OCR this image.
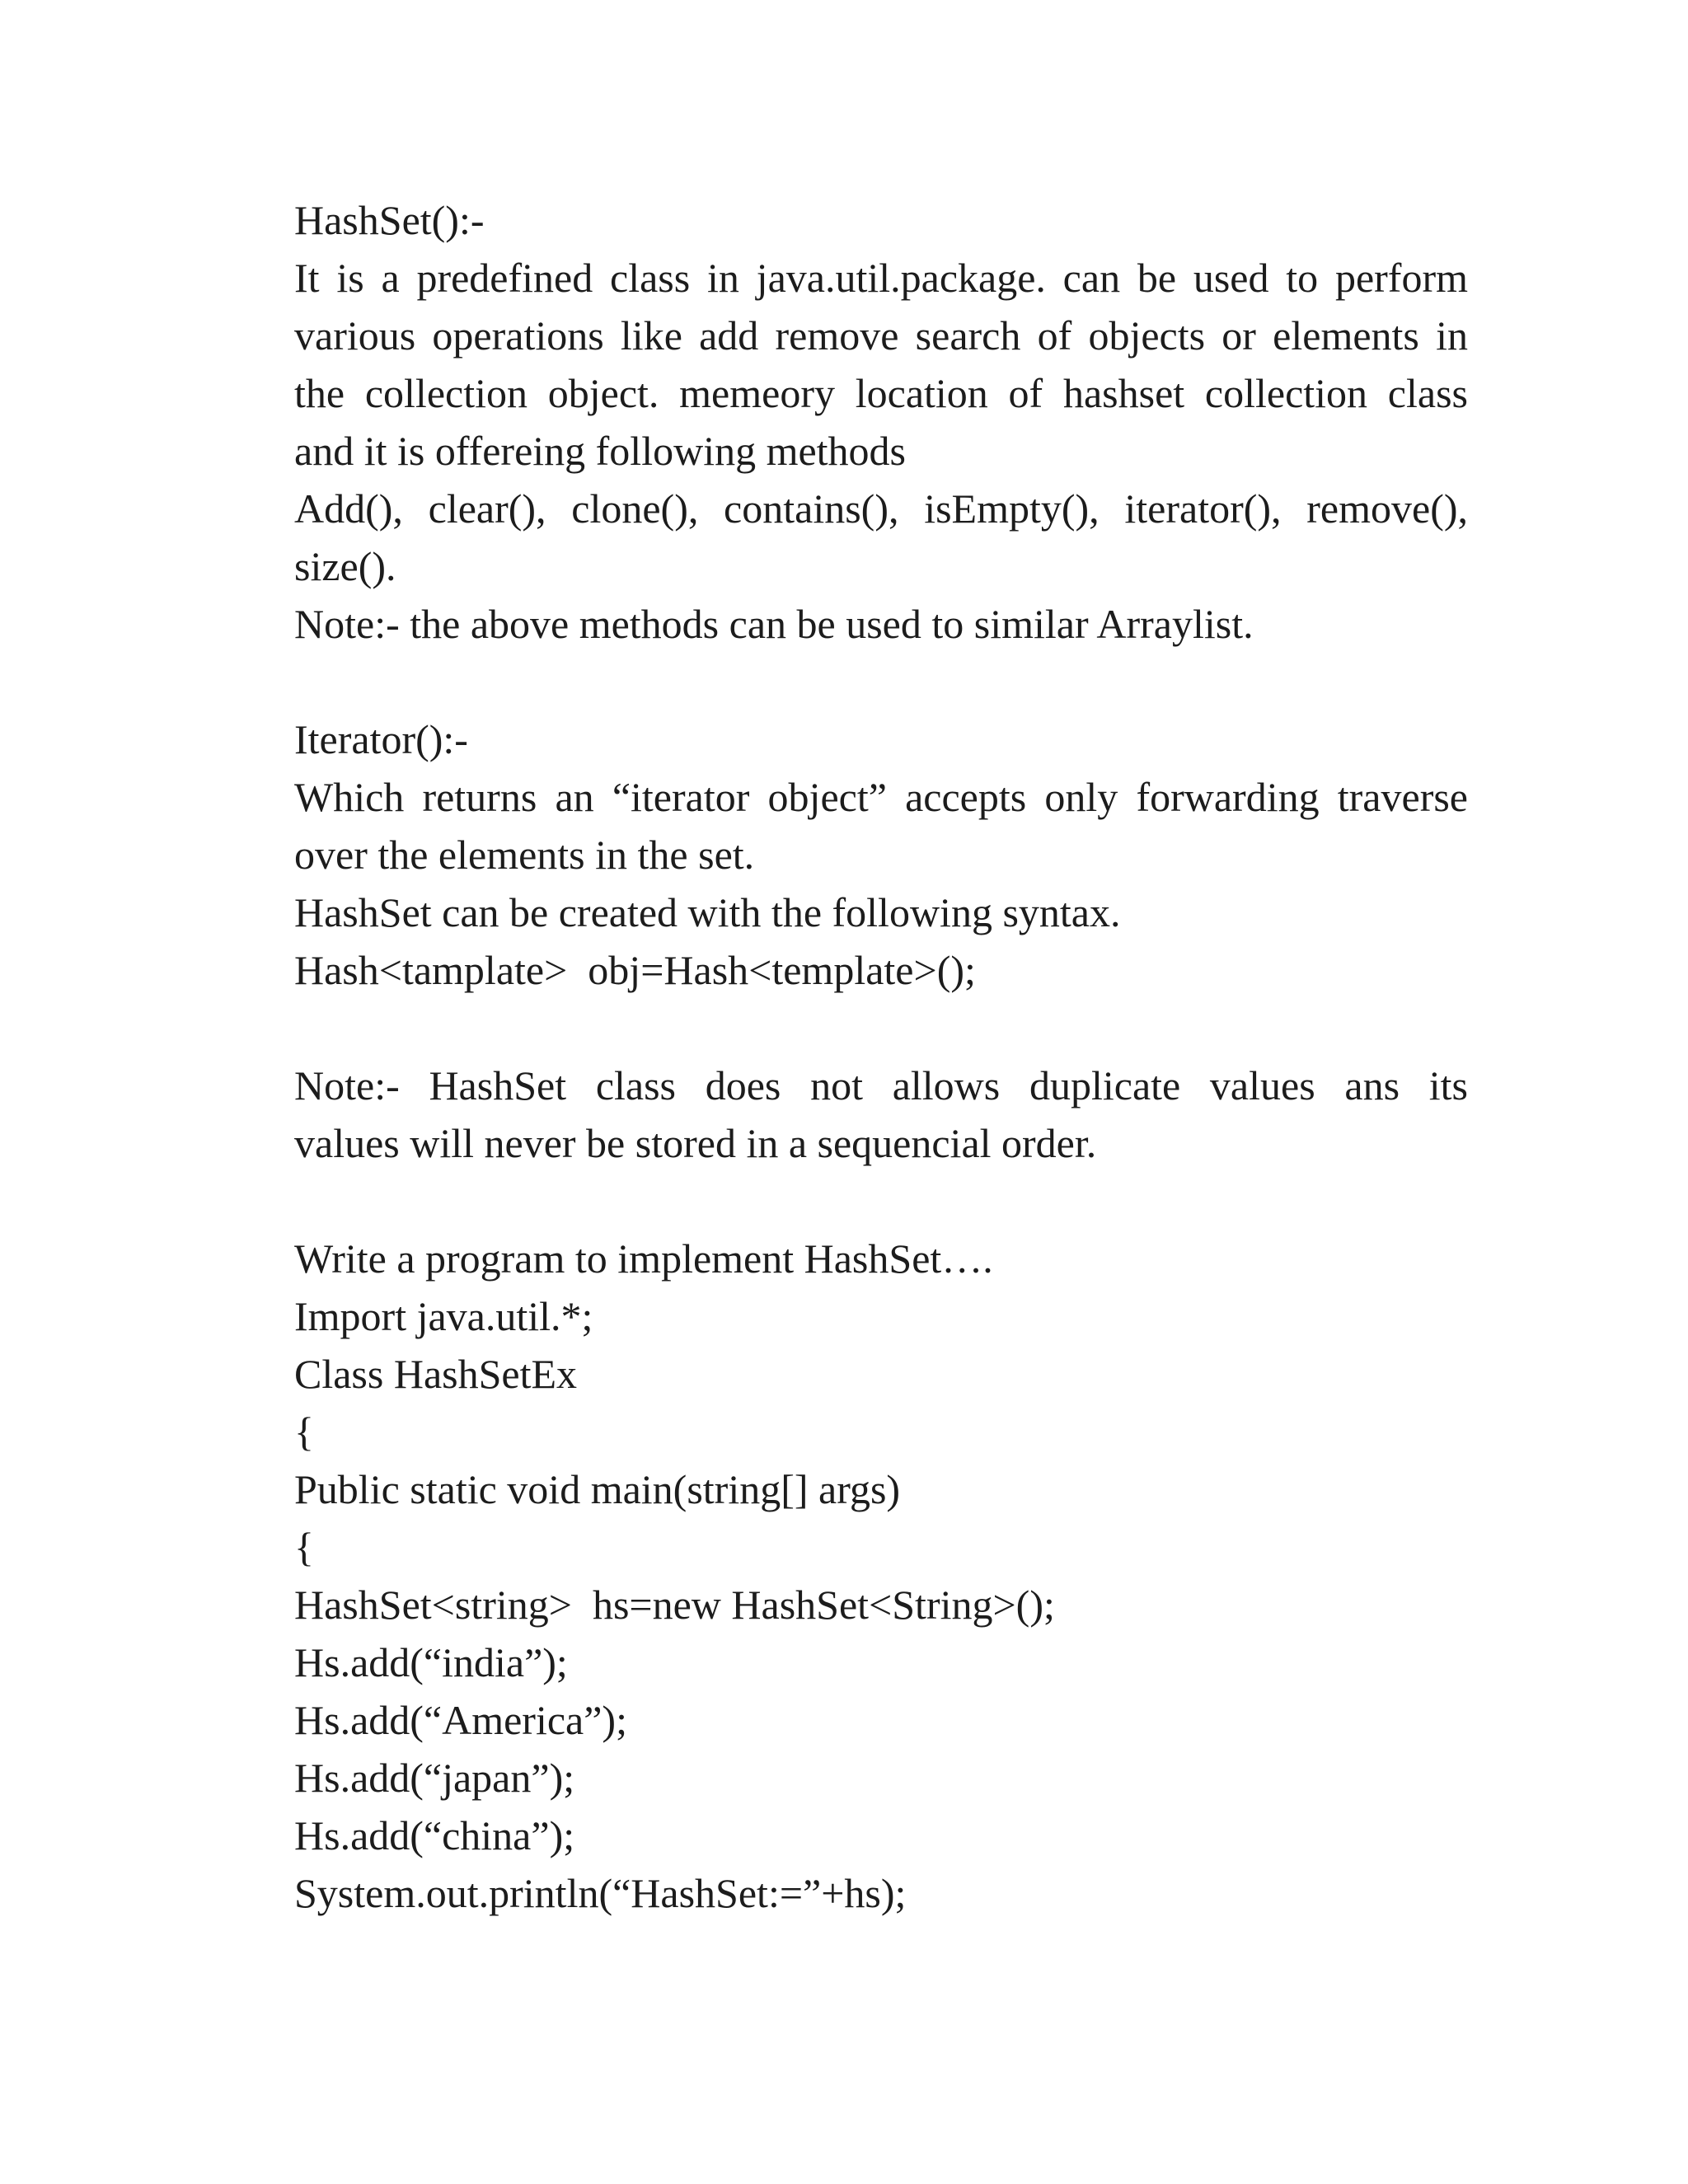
HashSet():-
It is a predefined class in java.util.package. can be used to perform
various operations like add remove search of objects or elements in
the collection object. memeory location of hashset collection class
and it is offereing following methods
Add(), clear(), clone(), contains(), isEmpty(), iterator(), remove(),
size().
Note:- the above methods can be used to similar Arraylist.
Iterator():-
Which returns an “iterator object” accepts only forwarding traverse
over the elements in the set.
HashSet can be created with the following syntax.
Hash<tamplate>  obj=Hash<template>();
Note:- HashSet class does not allows duplicate values ans its
values will never be stored in a sequencial order.
Write a program to implement HashSet….
Import java.util.*;
Class HashSetEx
{
Public static void main(string[] args)
{
HashSet<string>  hs=new HashSet<String>();
Hs.add(“india”);
Hs.add(“America”);
Hs.add(“japan”);
Hs.add(“china”);
System.out.println(“HashSet:=”+hs);
